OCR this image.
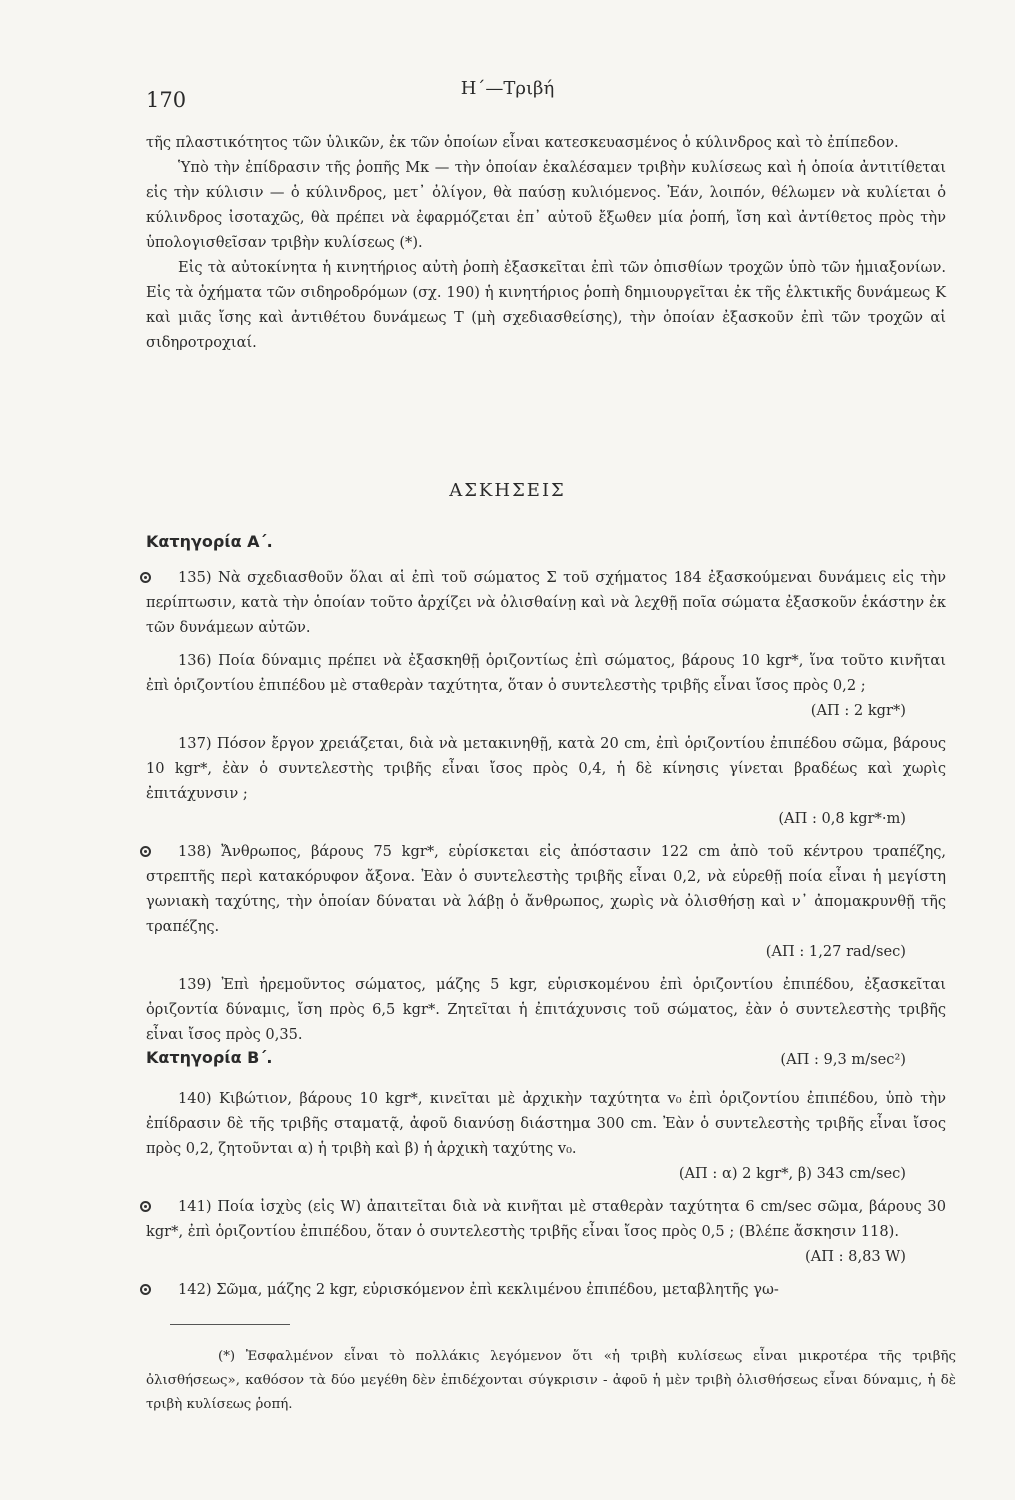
170	Η΄—Τριβή

τῆς πλαστικότητος τῶν ὑλικῶν, ἐκ τῶν ὁποίων εἶναι κατεσκευασμένος ὁ κύλινδρος καὶ τὸ ἐπίπεδον.

Ὑπὸ τὴν ἐπίδρασιν τῆς ῥοπῆς Mκ — τὴν ὁποίαν ἐκαλέσαμεν τριβὴν κυλίσεως καὶ ἡ ὁποία ἀντιτίθεται εἰς τὴν κύλισιν — ὁ κύλινδρος, μετ᾽ ὀλίγον, θὰ παύσῃ κυλιόμενος. Ἐάν, λοιπόν, θέλωμεν νὰ κυλίεται ὁ κύλινδρος ἰσοταχῶς, θὰ πρέπει νὰ ἐφαρμόζεται ἐπ᾽ αὐτοῦ ἔξωθεν μία ῥοπή, ἴση καὶ ἀντίθετος πρὸς τὴν ὑπολογισθεῖσαν τριβὴν κυλίσεως (*).

Εἰς τὰ αὐτοκίνητα ἡ κινητήριος αὐτὴ ῥοπὴ ἐξασκεῖται ἐπὶ τῶν ὀπισθίων τροχῶν ὑπὸ τῶν ἡμιαξονίων. Εἰς τὰ ὀχήματα τῶν σιδηροδρόμων (σχ. 190) ἡ κινητήριος ῥοπὴ δημιουργεῖται ἐκ τῆς ἑλκτικῆς δυνάμεως K καὶ μιᾶς ἴσης καὶ ἀντιθέτου δυνάμεως T (μὴ σχεδιασθείσης), τὴν ὁποίαν ἐξασκοῦν ἐπὶ τῶν τροχῶν αἱ σιδηροτροχιαί.

ΑΣΚΗΣΕΙΣ
Κατηγορία Α΄.
135) Νὰ σχεδιασθοῦν ὅλαι αἱ ἐπὶ τοῦ σώματος Σ τοῦ σχήματος 184 ἐξασκούμεναι δυνάμεις εἰς τὴν περίπτωσιν, κατὰ τὴν ὁποίαν τοῦτο ἀρχίζει νὰ ὀλισθαίνῃ καὶ νὰ λεχθῇ ποῖα σώματα ἐξασκοῦν ἑκάστην ἐκ τῶν δυνάμεων αὐτῶν.
136) Ποία δύναμις πρέπει νὰ ἐξασκηθῇ ὁριζοντίως ἐπὶ σώματος, βάρους 10 kgr*, ἵνα τοῦτο κινῆται ἐπὶ ὁριζοντίου ἐπιπέδου μὲ σταθερὰν ταχύτητα, ὅταν ὁ συντελεστὴς τριβῆς εἶναι ἴσος πρὸς 0,2 ;
(ΑΠ : 2 kgr*)
137) Πόσον ἔργον χρειάζεται, διὰ νὰ μετακινηθῇ, κατὰ 20 cm, ἐπὶ ὁριζοντίου ἐπιπέδου σῶμα, βάρους 10 kgr*, ἐὰν ὁ συντελεστὴς τριβῆς εἶναι ἴσος πρὸς 0,4, ἡ δὲ κίνησις γίνεται βραδέως καὶ χωρὶς ἐπιτάχυνσιν ;
(ΑΠ : 0,8 kgr*·m)
138) Ἄνθρωπος, βάρους 75 kgr*, εὑρίσκεται εἰς ἀπόστασιν 122 cm ἀπὸ τοῦ κέντρου τραπέζης, στρεπτῆς περὶ κατακόρυφον ἄξονα. Ἐὰν ὁ συντελεστὴς τριβῆς εἶναι 0,2, νὰ εὑρεθῇ ποία εἶναι ἡ μεγίστη γωνιακὴ ταχύτης, τὴν ὁποίαν δύναται νὰ λάβῃ ὁ ἄνθρωπος, χωρὶς νὰ ὀλισθήσῃ καὶ ν᾽ ἀπομακρυνθῇ τῆς τραπέζης.
(ΑΠ : 1,27 rad/sec)
139) Ἐπὶ ἠρεμοῦντος σώματος, μάζης 5 kgr, εὑρισκομένου ἐπὶ ὁριζοντίου ἐπιπέδου, ἐξασκεῖται ὁριζοντία δύναμις, ἴση πρὸς 6,5 kgr*. Ζητεῖται ἡ ἐπιτάχυνσις τοῦ σώματος, ἐὰν ὁ συντελεστὴς τριβῆς εἶναι ἴσος πρὸς 0,35.
(ΑΠ : 9,3 m/sec²)
Κατηγορία Β΄.
140) Κιβώτιον, βάρους 10 kgr*, κινεῖται μὲ ἀρχικὴν ταχύτητα v₀ ἐπὶ ὁριζοντίου ἐπιπέδου, ὑπὸ τὴν ἐπίδρασιν δὲ τῆς τριβῆς σταματᾷ, ἀφοῦ διανύσῃ διάστημα 300 cm. Ἐὰν ὁ συντελεστὴς τριβῆς εἶναι ἴσος πρὸς 0,2, ζητοῦνται α) ἡ τριβὴ καὶ β) ἡ ἀρχικὴ ταχύτης v₀.
(ΑΠ : α) 2 kgr*, β) 343 cm/sec)
141) Ποία ἰσχὺς (εἰς W) ἀπαιτεῖται διὰ νὰ κινῆται μὲ σταθερὰν ταχύτητα 6 cm/sec σῶμα, βάρους 30 kgr*, ἐπὶ ὁριζοντίου ἐπιπέδου, ὅταν ὁ συντελεστὴς τριβῆς εἶναι ἴσος πρὸς 0,5 ; (Βλέπε ἄσκησιν 118).
(ΑΠ : 8,83 W)
142) Σῶμα, μάζης 2 kgr, εὑρισκόμενον ἐπὶ κεκλιμένου ἐπιπέδου, μεταβλητῆς γω-
(*) Ἐσφαλμένον εἶναι τὸ πολλάκις λεγόμενον ὅτι «ἡ τριβὴ κυλίσεως εἶναι μικροτέρα τῆς τριβῆς ὀλισθήσεως», καθόσον τὰ δύο μεγέθη δὲν ἐπιδέχονται σύγκρισιν - ἀφοῦ ἡ μὲν τριβὴ ὀλισθήσεως εἶναι δύναμις, ἡ δὲ τριβὴ κυλίσεως ῥοπή.
